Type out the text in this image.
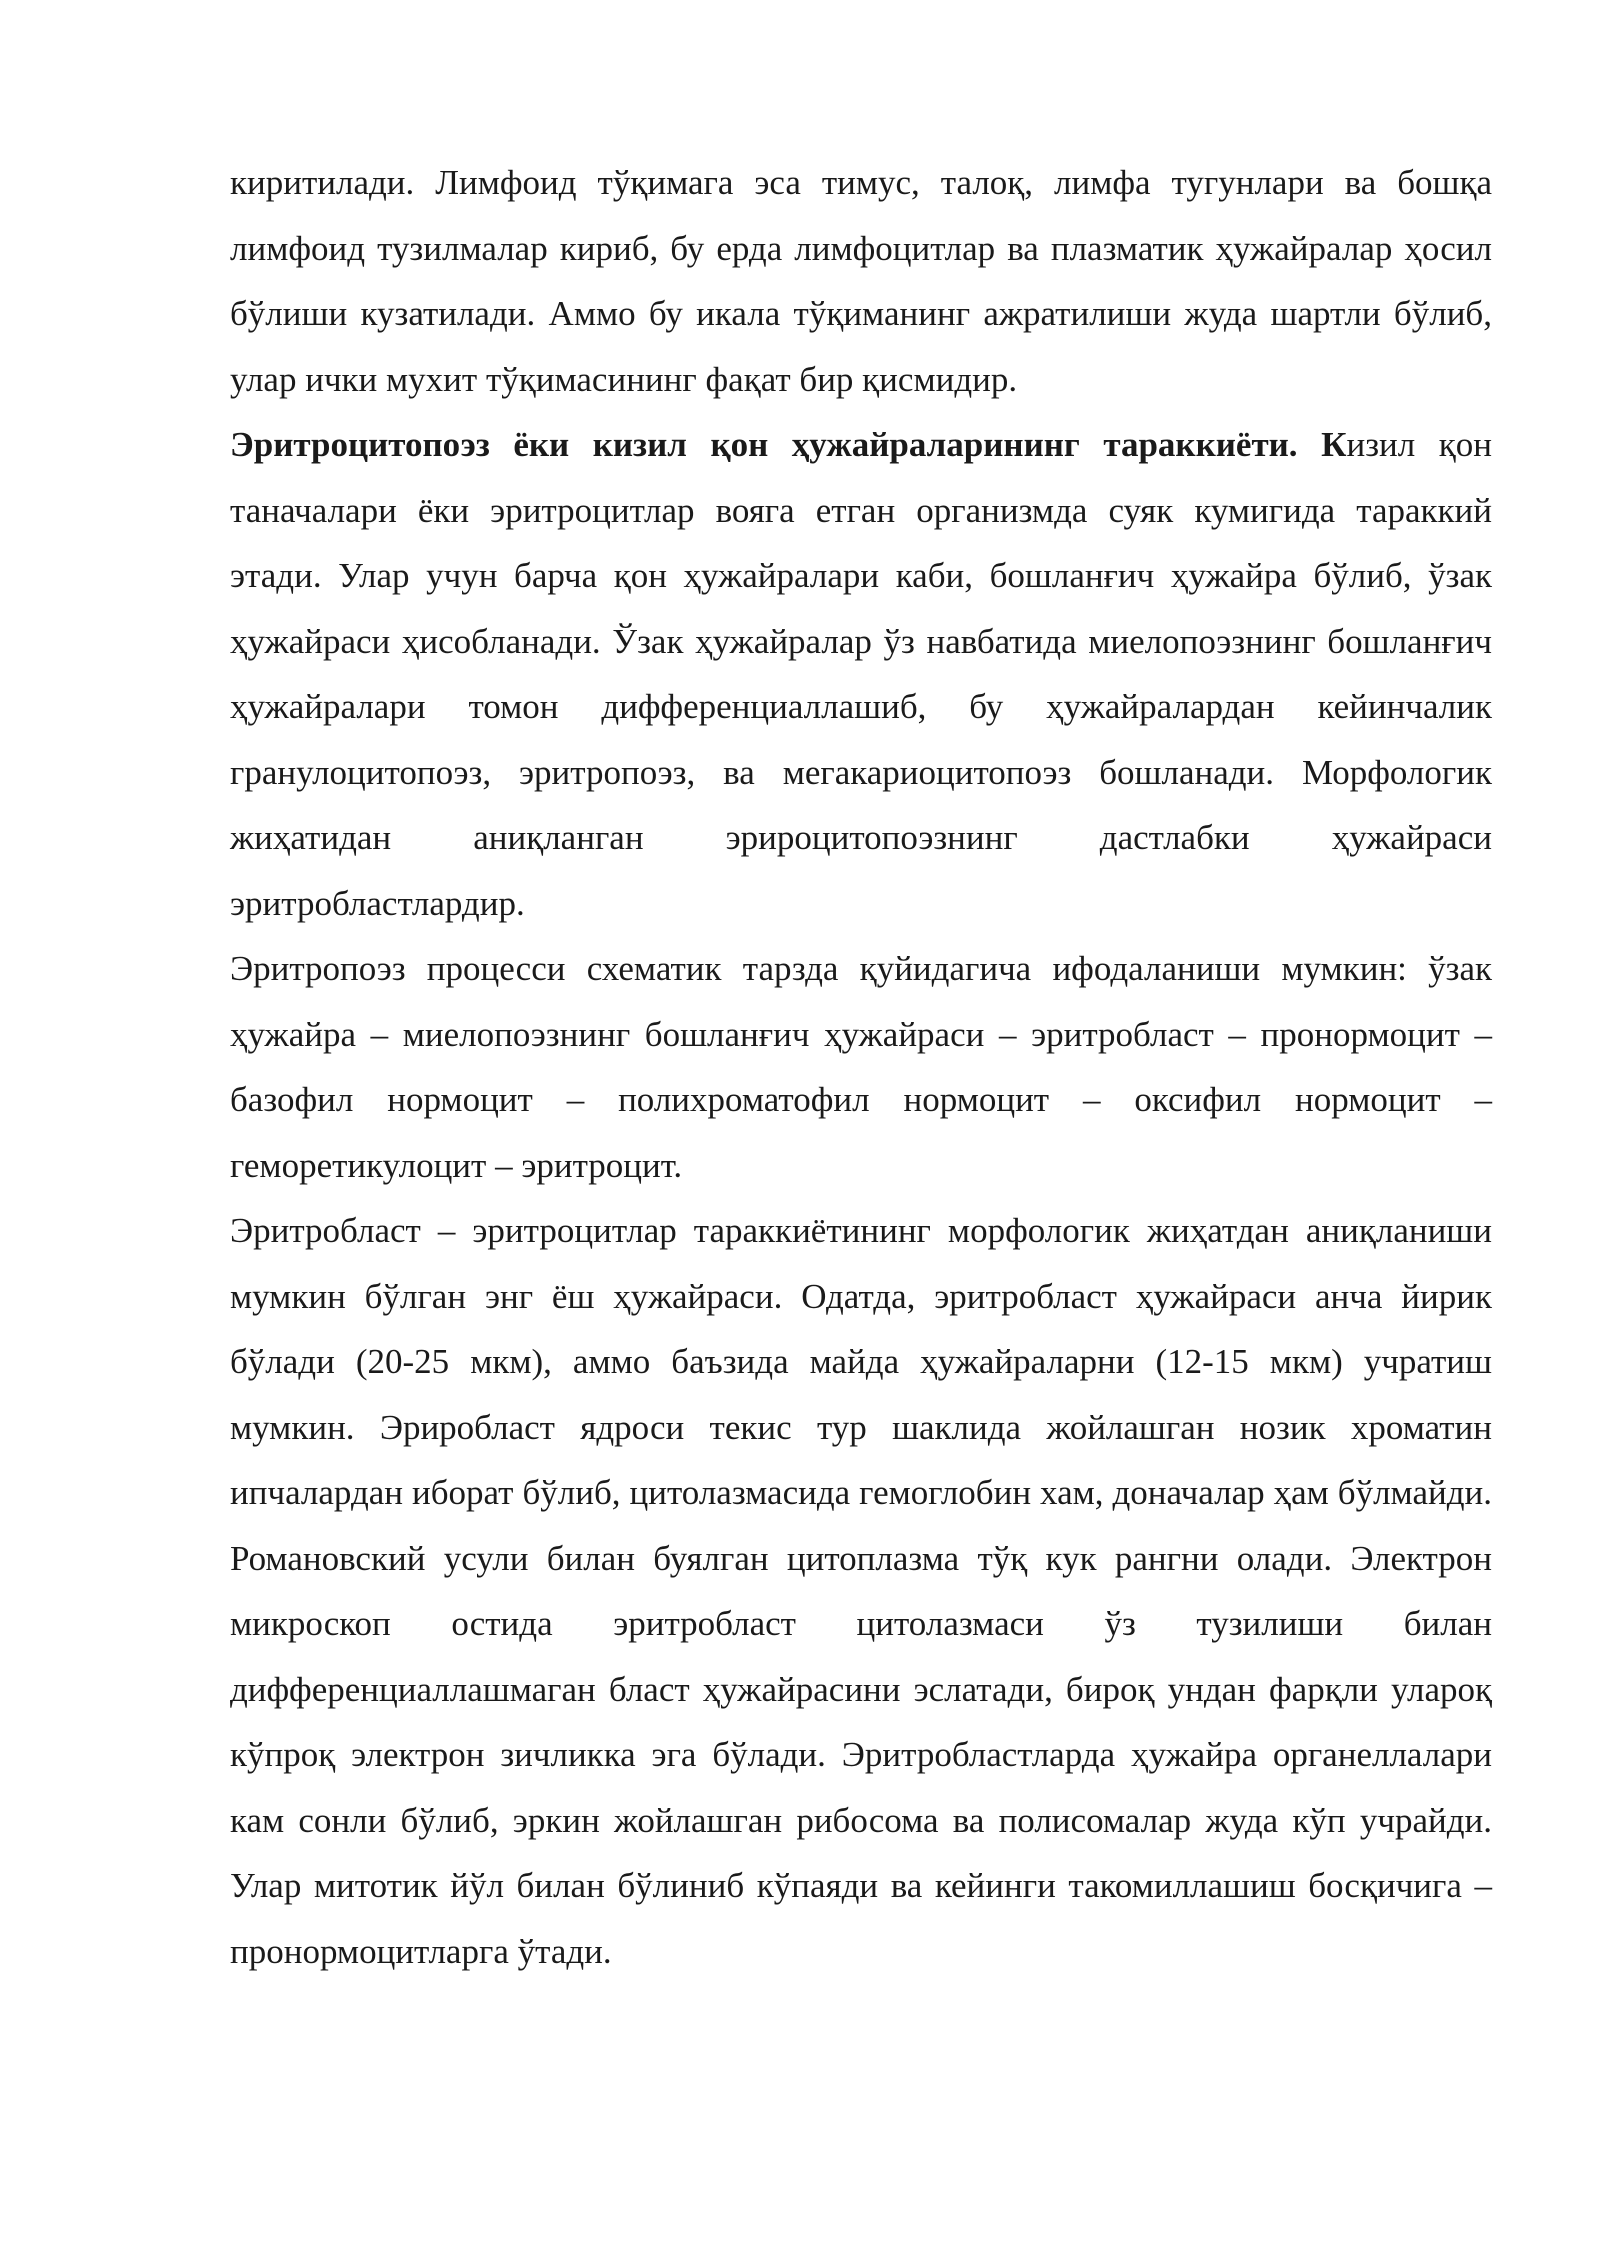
киритилади. Лимфоид тўқимага эса тимус, талоқ, лимфа тугунлари ва бошқа лимфоид тузилмалар кириб, бу ерда лимфоцитлар ва плазматик ҳужайралар ҳосил бўлиши кузатилади. Аммо бу икала тўқиманинг ажратилиши жуда шартли бўлиб, улар ички мухит тўқимасининг фақат бир қисмидир.

Эритроцитопоэз ёки кизил қон ҳужайраларининг тараккиёти. Кизил қон таначалари ёки эритроцитлар вояга етган организмда суяк кумигида тараккий этади. Улар учун барча қон ҳужайралари каби, бошланғич ҳужайра бўлиб, ўзак ҳужайраси ҳисобланади. Ўзак ҳужайралар ўз навбатида миелопоэзнинг бошланғич ҳужайралари томон дифференциаллашиб, бу ҳужайралардан кейинчалик гранулоцитопоэз, эритропоэз, ва мегакариоцитопоэз бошланади. Морфологик жиҳатидан аниқланган эрироцитопоэзнинг дастлабки ҳужайраси эритробластлардир.

Эритропоэз процесси схематик тарзда қуйидагича ифодаланиши мумкин: ўзак ҳужайра – миелопоэзнинг бошланғич ҳужайраси – эритробласт – пронормоцит – базофил нормоцит – полихроматофил нормоцит – оксифил нормоцит – геморетикулоцит – эритроцит.

Эритробласт – эритроцитлар тараккиётининг морфологик жиҳатдан аниқланиши мумкин бўлган энг ёш ҳужайраси. Одатда, эритробласт ҳужайраси анча йирик бўлади (20-25 мкм), аммо баъзида майда ҳужайраларни (12-15 мкм) учратиш мумкин. Эрироблаcт ядроси текис тур шаклида жойлашган нозик хроматин ипчалардан иборат бўлиб, цитолазмасида гемоглобин хам, доначалар ҳам бўлмайди. Романовский усули билан буялган цитоплазма тўқ кук рангни олади. Электрон микроскоп остида эритробласт цитолазмаси ўз тузилиши билан дифференциаллашмаган бласт ҳужайрасини эслатади, бироқ ундан фарқли уларoқ кўпроқ электрон зичликка эга бўлади. Эритробластларда ҳужайра органеллалари кам сонли бўлиб, эркин жойлашган рибосома ва полисомалар жуда кўп учрайди. Улар митотик йўл билан бўлиниб кўпаяди ва кейинги такомиллашиш босқичига – пронормоцитларга ўтади.
